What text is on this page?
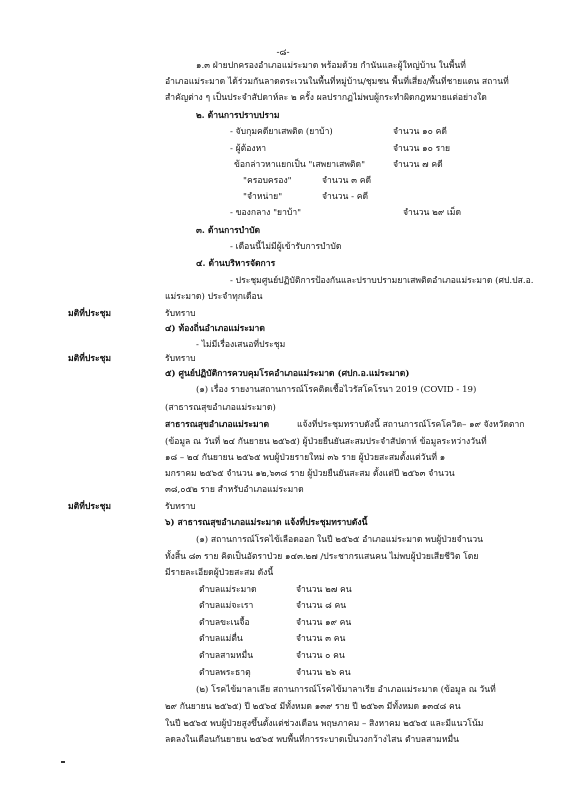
-๘-
๑.๓ ฝ่ายปกครองอำเภอแม่ระมาด พร้อมด้วย กำนันและผู้ใหญ่บ้าน ในพื้นที่
อำเภอแม่ระมาด ได้ร่วมกันลาดตระเวนในพื้นที่หมู่บ้าน/ชุมชน พื้นที่เสี่ยง/พื้นที่ชายแดน สถานที่
สำคัญต่าง ๆ เป็นประจำสัปดาห์ละ ๒ ครั้ง ผลปรากฏไม่พบผู้กระทำผิดกฎหมายแต่อย่างใด
๒. ด้านการปราบปราม
- จับกุมคดียาเสพติด (ยาบ้า)	จำนวน ๑๐ คดี
- ผู้ต้องหา	จำนวน ๑๐ ราย
ข้อกล่าวหาแยกเป็น "เสพยาเสพติด"	จำนวน ๗ คดี
"ครอบครอง"	จำนวน ๓ คดี
"จำหน่าย"	จำนวน - คดี
- ของกลาง "ยาบ้า"	จำนวน ๒๙ เม็ด
๓. ด้านการบำบัด
- เดือนนี้ไม่มีผู้เข้ารับการบำบัด
๔. ด้านบริหารจัดการ
- ประชุมศูนย์ปฏิบัติการป้องกันและปราบปรามยาเสพติดอำเภอแม่ระมาด (ศป.ปส.อ.
แม่ระมาด) ประจำทุกเดือน
มติที่ประชุม	รับทราบ
๔) ท้องถิ่นอำเภอแม่ระมาด
- ไม่มีเรื่องเสนอที่ประชุม
มติที่ประชุม	รับทราบ
๕) ศูนย์ปฏิบัติการควบคุมโรคอำเภอแม่ระมาด (ศปก.อ.แม่ระมาด)
(๑) เรื่อง รายงานสถานการณ์โรคติดเชื้อไวรัสโคโรนา 2019 (COVID - 19)
(สาธารณสุขอำเภอแม่ระมาด)
สาธารณสุขอำเภอแม่ระมาด	แจ้งที่ประชุมทราบดังนี้ สถานการณ์โรคโควิด– ๑๙ จังหวัดตาก
(ข้อมูล ณ วันที่ ๒๔ กันยายน ๒๕๖๕) ผู้ป่วยยืนยันสะสมประจำสัปดาห์ ข้อมูลระหว่างวันที่
๑๘ – ๒๔ กันยายน ๒๕๖๕ พบผู้ป่วยรายใหม่ ๓๖ ราย ผู้ป่วยสะสมตั้งแต่วันที่ ๑
มกราคม ๒๕๖๕ จำนวน ๑๒,๖๓๘ ราย ผู้ป่วยยืนยันสะสม ตั้งแต่ปี ๒๕๖๓ จำนวน
๓๘,๐๕๒ ราย สำหรับอำเภอแม่ระมาด
มติที่ประชุม	รับทราบ
๖) สาธารณสุขอำเภอแม่ระมาด แจ้งที่ประชุมทราบดังนี้
(๑) สถานการณ์โรคไข้เลือดออก ในปี ๒๕๖๕ อำเภอแม่ระมาด พบผู้ป่วยจำนวน
ทั้งสิ้น ๘๓ ราย คิดเป็นอัตราป่วย ๑๔๓.๒๗ /ประชากรแสนคน ไม่พบผู้ป่วยเสียชีวิต โดย
มีรายละเอียดผู้ป่วยสะสม ดังนี้
ตำบลแม่ระมาด	จำนวน ๒๗ คน
ตำบลแม่จะเรา	จำนวน ๘ คน
ตำบลขะเนจื้อ	จำนวน ๑๙ คน
ตำบลแม่ตื่น	จำนวน ๓ คน
ตำบลสามหมื่น	จำนวน ๐ คน
ตำบลพระธาตุ	จำนวน ๒๖ คน
(๒) โรคไข้มาลาเลีย สถานการณ์โรคไข้มาลาเรีย อำเภอแม่ระมาด (ข้อมูล ณ วันที่
๒๙ กันยายน ๒๕๖๕) ปี ๒๕๖๔ มีทั้งหมด ๑๓๙ ราย ปี ๒๕๖๓ มีทั้งหมด ๑๓๔๘ คน
ในปี ๒๕๖๕ พบผู้ป่วยสูงขึ้นตั้งแต่ช่วงเดือน พฤษภาคม – สิงหาคม ๒๕๖๕ และมีแนวโน้ม
ลดลงในเดือนกันยายน ๒๕๖๕ พบพื้นที่การระบาดเป็นวงกว้างไสน ตำบลสามหมื่น
